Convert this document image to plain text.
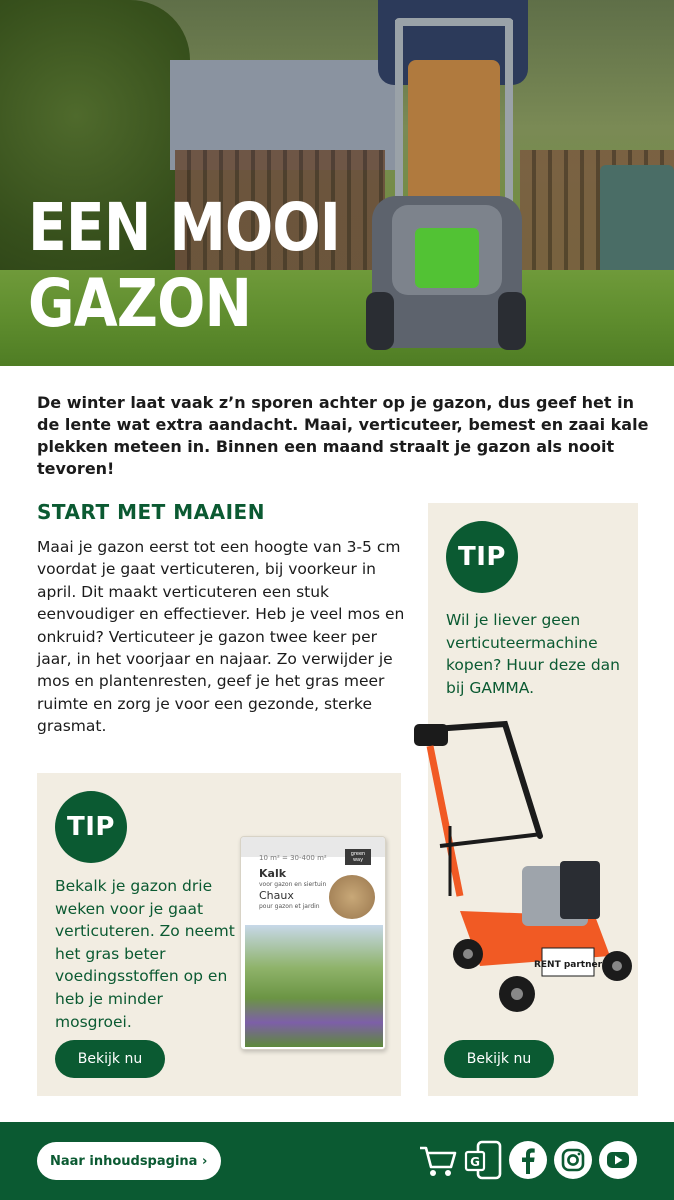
EEN MOOI
GAZON

De winter laat vaak z’n sporen achter op je gazon, dus geef het in de lente wat extra aandacht. Maai, verticuteer, bemest en zaai kale plekken meteen in. Binnen een maand straalt je gazon als nooit tevoren!

START MET MAAIEN

Maai je gazon eerst tot een hoogte van 3-5 cm voordat je gaat verticuteren, bij voorkeur in april. Dit maakt verticuteren een stuk eenvoudiger en effectiever. Heb je veel mos en onkruid? Verticuteer je gazon twee keer per jaar, in het voorjaar en najaar. Zo verwijder je mos en plantenresten, geef je het gras meer ruimte en zorg je voor een gezonde, sterke grasmat.

TIP

Bekalk je gazon drie weken voor je gaat verticuteren. Zo neemt het gras beter voedingsstoffen op en heb je minder mosgroei.

Bekijk nu
10 m² = 30-400 m²	green way
Kalk
voor gazon en siertuin
Chaux
pour gazon et jardin
TIP

Wil je liever geen verticuteermachine kopen? Huur deze dan bij GAMMA.

Bekijk nu
RENT partner
Naar inhoudspagina ›	G
